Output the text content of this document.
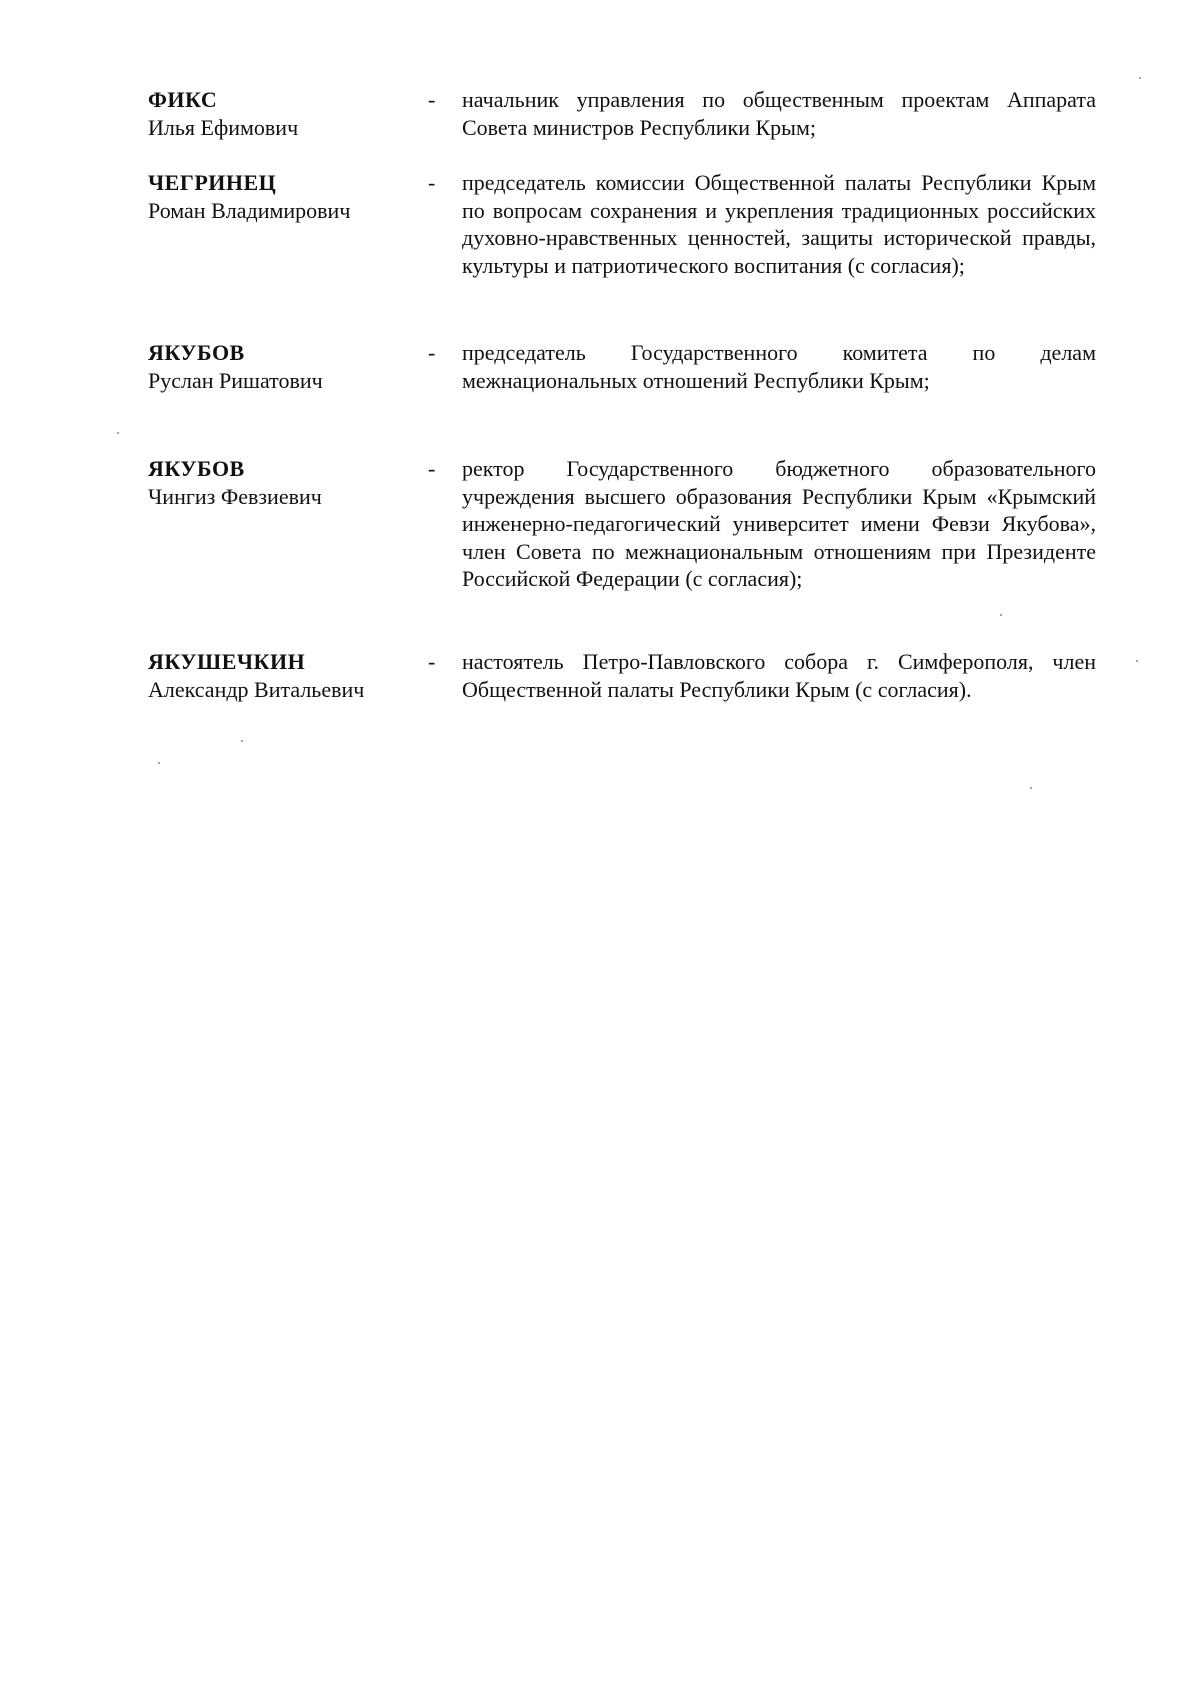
ФИКС
Илья Ефимович
- начальник управления по общественным проектам Аппарата Совета министров Республики Крым;
ЧЕГРИНЕЦ
Роман Владимирович
- председатель комиссии Общественной палаты Республики Крым по вопросам сохранения и укрепления традиционных российских духовно-нравственных ценностей, защиты исторической правды, культуры и патриотического воспитания (с согласия);
ЯКУБОВ
Руслан Ришатович
- председатель Государственного комитета по делам межнациональных отношений Республики Крым;
ЯКУБОВ
Чингиз Февзиевич
- ректор Государственного бюджетного образовательного учреждения высшего образования Республики Крым «Крымский инженерно-педагогический университет имени Февзи Якубова», член Совета по межнациональным отношениям при Президенте Российской Федерации (с согласия);
ЯКУШЕЧКИН
Александр Витальевич
- настоятель Петро-Павловского собора г. Симферополя, член Общественной палаты Республики Крым (с согласия).
